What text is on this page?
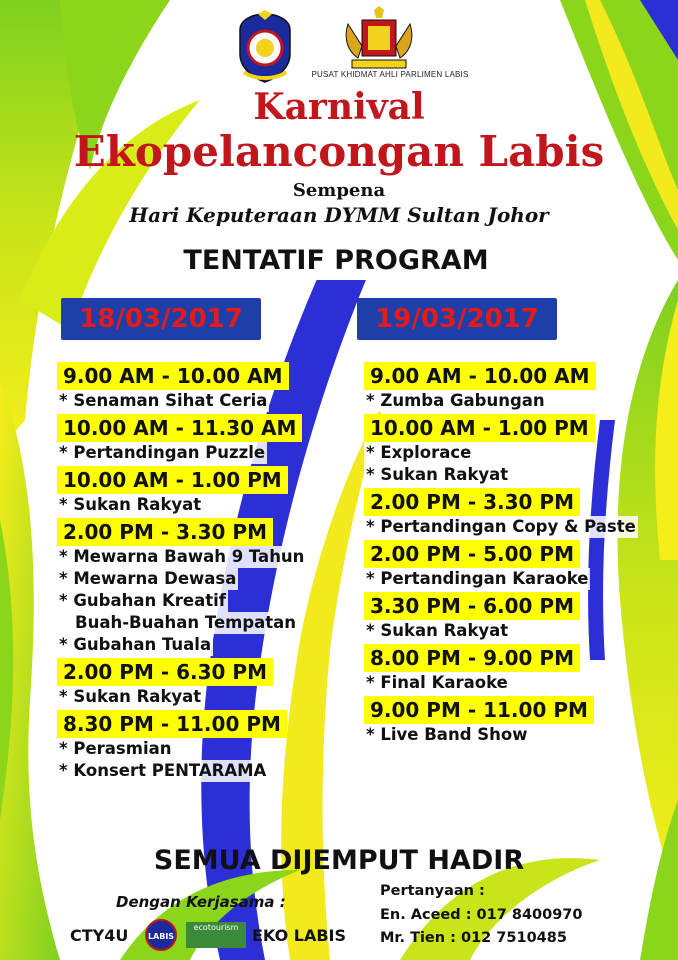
PUSAT KHIDMAT AHLI PARLIMEN LABIS
Karnival
Ekopelancongan Labis
Sempena
Hari Keputeraan DYMM Sultan Johor
TENTATIF PROGRAM
18/03/2017	19/03/2017
9.00 AM - 10.00 AM
* Senaman Sihat Ceria
10.00 AM - 11.30 AM
* Pertandingan Puzzle
10.00 AM - 1.00 PM
* Sukan Rakyat
2.00 PM - 3.30 PM
* Mewarna Bawah 9 Tahun
* Mewarna Dewasa
* Gubahan Kreatif
Buah-Buahan Tempatan
* Gubahan Tuala
2.00 PM - 6.30 PM
* Sukan Rakyat
8.30 PM - 11.00 PM
* Perasmian
* Konsert PENTARAMA
9.00 AM - 10.00 AM
* Zumba Gabungan
10.00 AM - 1.00 PM
* Explorace
* Sukan Rakyat
2.00 PM - 3.30 PM
* Pertandingan Copy & Paste
2.00 PM - 5.00 PM
* Pertandingan Karaoke
3.30 PM - 6.00 PM
* Sukan Rakyat
8.00 PM - 9.00 PM
* Final Karaoke
9.00 PM - 11.00 PM
* Live Band Show
SEMUA DIJEMPUT HADIR
Dengan Kerjasama :
CTY4U LABIS
ecotourism EKO LABIS
Pertanyaan :
En. Aceed : 017 8400970
Mr. Tien : 012 7510485
